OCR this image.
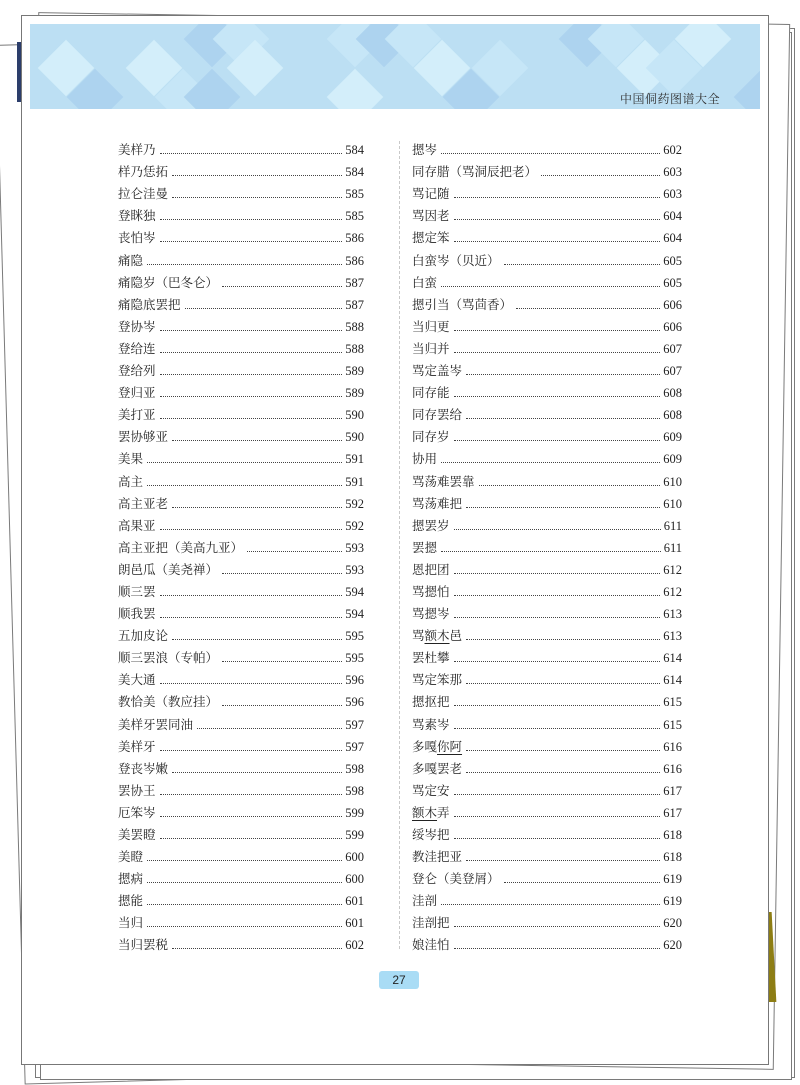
中国侗药图谱大全
美样乃	584
样乃恁拓	584
拉仑洼曼	585
登眯独	585
丧怕岑	586
痛隐	586
痛隐岁（巴冬仑）	587
痛隐底罢把	587
登协岑	588
登给连	588
登给列	589
登归亚	589
美打亚	590
罢协够亚	590
美果	591
高主	591
高主亚老	592
高果亚	592
高主亚把（美高九亚）	593
朗邑瓜（美尧禅）	593
顺三罢	594
顺我罢	594
五加皮论	595
顺三罢浪（专帕）	595
美大通	596
教恰美（教应挂）	596
美样牙罢同油	597
美样牙	597
登丧岑嫩	598
罢协王	598
厄笨岑	599
美罢瞪	599
美瞪	600
摁病	600
摁能	601
当归	601
当归罢税	602
摁岑	602
同存腊（骂洞辰把老）	603
骂记随	603
骂因老	604
摁定笨	604
白蛮岑（贝近）	605
白蛮	605
摁引当（骂茴香）	606
当归更	606
当归并	607
骂定盖岑	607
同存能	608
同存罢给	608
同存岁	609
协用	609
骂荡难罢靠	610
骂荡难把	610
摁罢岁	611
罢摁	611
恩把团	612
骂摁怕	612
骂摁岑	613
骂额木邑	613
罢杜攀	614
骂定笨那	614
摁抠把	615
骂素岑	615
多嘎你阿	616
多嘎罢老	616
骂定安	617
额木弄	617
绥岑把	618
教洼把亚	618
登仑（美登屑）	619
洼剖	619
洼剖把	620
娘洼怕	620
27
